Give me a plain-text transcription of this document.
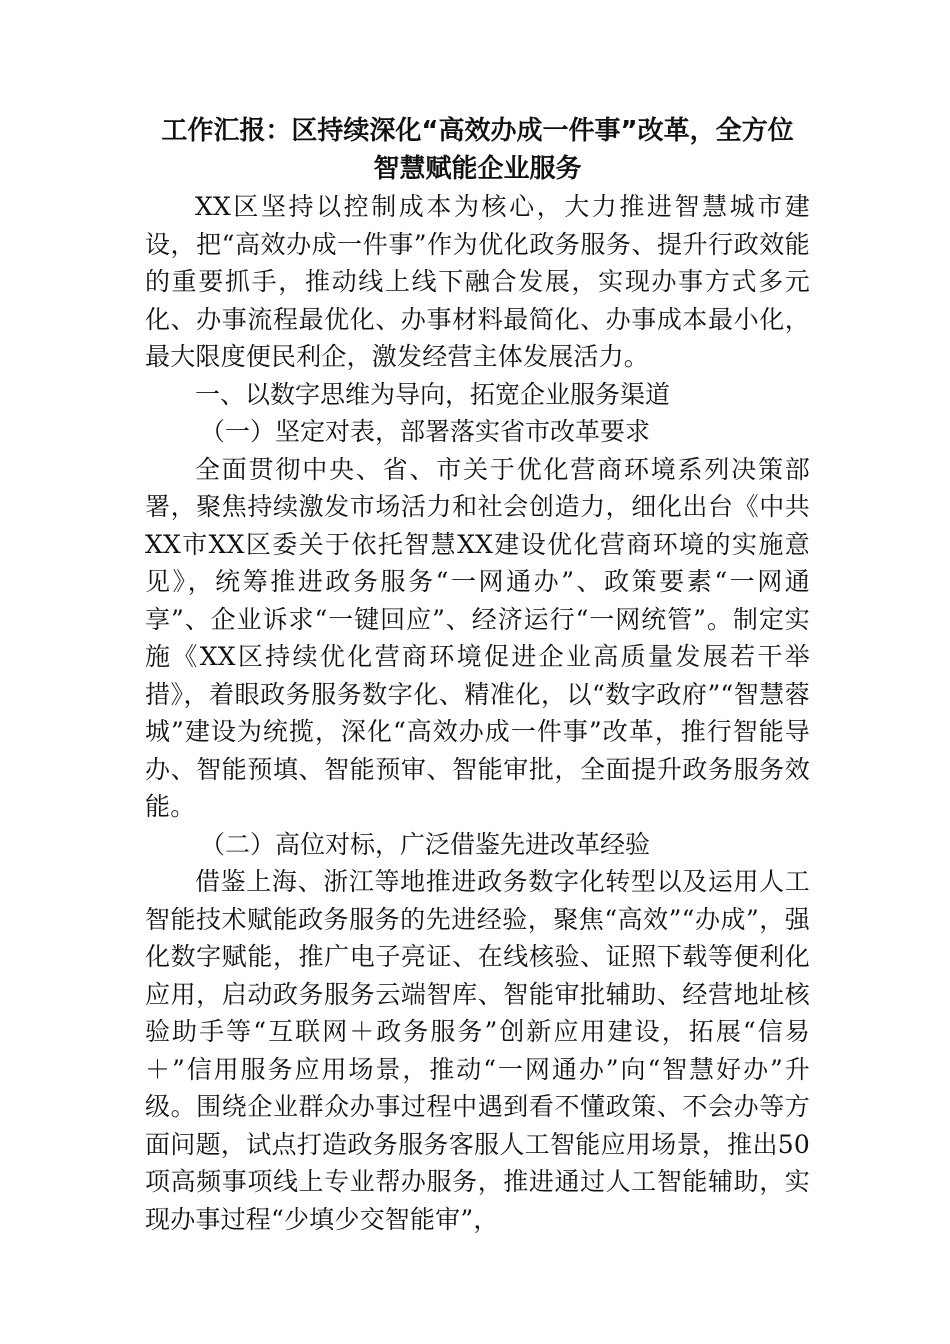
工作汇报：区持续深化“高效办成一件事”改革，全方位
智慧赋能企业服务

XX区坚持以控制成本为核心，大力推进智慧城市建设，把“高效办成一件事”作为优化政务服务、提升行政效能的重要抓手，推动线上线下融合发展，实现办事方式多元化、办事流程最优化、办事材料最简化、办事成本最小化，最大限度便民利企，激发经营主体发展活力。

一、以数字思维为导向，拓宽企业服务渠道

（一）坚定对表，部署落实省市改革要求

全面贯彻中央、省、市关于优化营商环境系列决策部署，聚焦持续激发市场活力和社会创造力，细化出台《中共XX市XX区委关于依托智慧XX建设优化营商环境的实施意见》，统筹推进政务服务“一网通办”、政策要素“一网通享”、企业诉求“一键回应”、经济运行“一网统管”。制定实施《XX区持续优化营商环境促进企业高质量发展若干举措》，着眼政务服务数字化、精准化，以“数字政府”“智慧蓉城”建设为统揽，深化“高效办成一件事”改革，推行智能导办、智能预填、智能预审、智能审批，全面提升政务服务效能。

（二）高位对标，广泛借鉴先进改革经验

借鉴上海、浙江等地推进政务数字化转型以及运用人工智能技术赋能政务服务的先进经验，聚焦“高效”“办成”，强化数字赋能，推广电子亮证、在线核验、证照下载等便利化应用，启动政务服务云端智库、智能审批辅助、经营地址核验助手等“互联网＋政务服务”创新应用建设，拓展“信易＋”信用服务应用场景，推动“一网通办”向“智慧好办”升级。围绕企业群众办事过程中遇到看不懂政策、不会办等方面问题，试点打造政务服务客服人工智能应用场景，推出50项高频事项线上专业帮办服务，推进通过人工智能辅助，实现办事过程“少填少交智能审”，
